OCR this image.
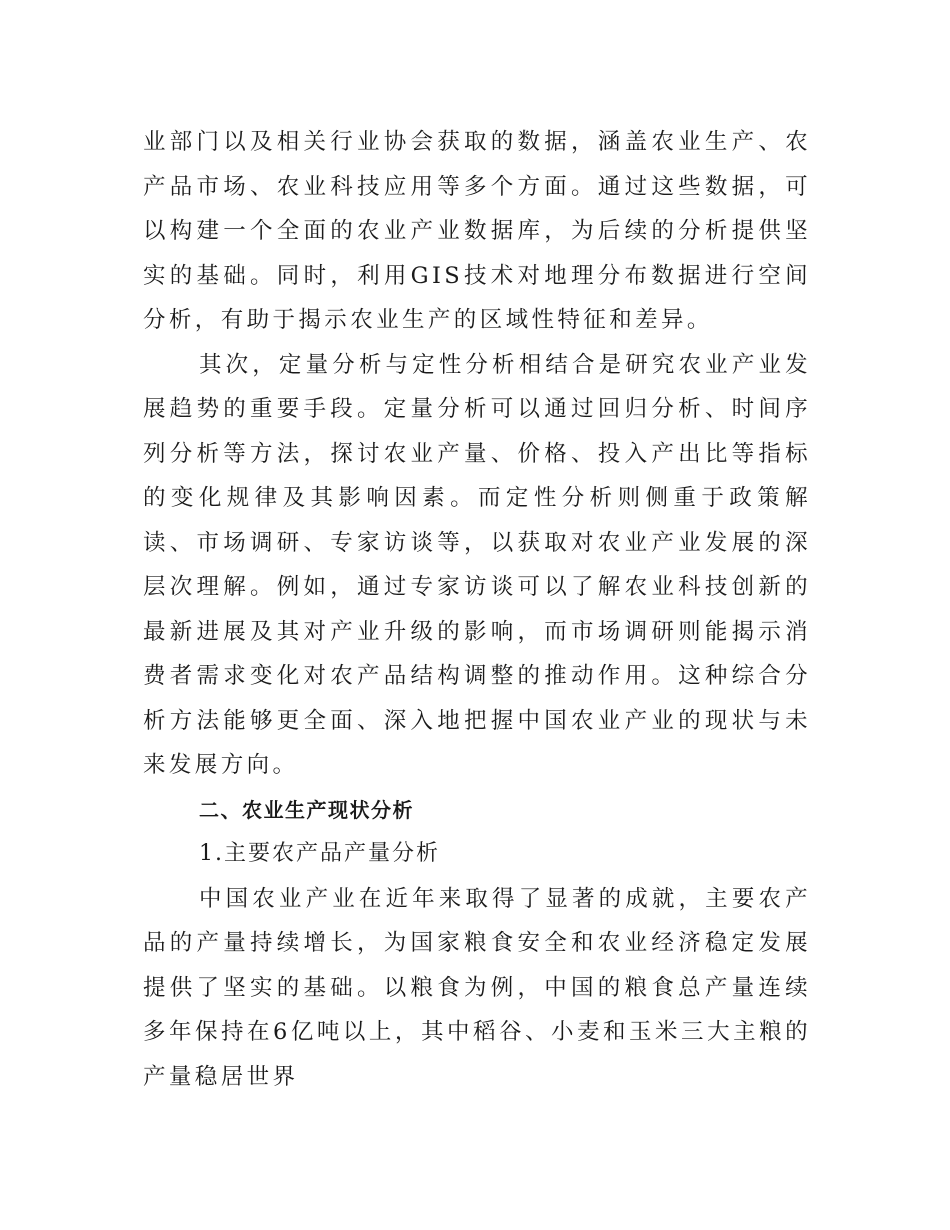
业部门以及相关行业协会获取的数据，涵盖农业生产、农产品市场、农业科技应用等多个方面。通过这些数据，可以构建一个全面的农业产业数据库，为后续的分析提供坚实的基础。同时，利用GIS技术对地理分布数据进行空间分析，有助于揭示农业生产的区域性特征和差异。

其次，定量分析与定性分析相结合是研究农业产业发展趋势的重要手段。定量分析可以通过回归分析、时间序列分析等方法，探讨农业产量、价格、投入产出比等指标的变化规律及其影响因素。而定性分析则侧重于政策解读、市场调研、专家访谈等，以获取对农业产业发展的深层次理解。例如，通过专家访谈可以了解农业科技创新的最新进展及其对产业升级的影响，而市场调研则能揭示消费者需求变化对农产品结构调整的推动作用。这种综合分析方法能够更全面、深入地把握中国农业产业的现状与未来发展方向。

二、农业生产现状分析

1.主要农产品产量分析

中国农业产业在近年来取得了显著的成就，主要农产品的产量持续增长，为国家粮食安全和农业经济稳定发展提供了坚实的基础。以粮食为例，中国的粮食总产量连续多年保持在6亿吨以上，其中稻谷、小麦和玉米三大主粮的产量稳居世界
